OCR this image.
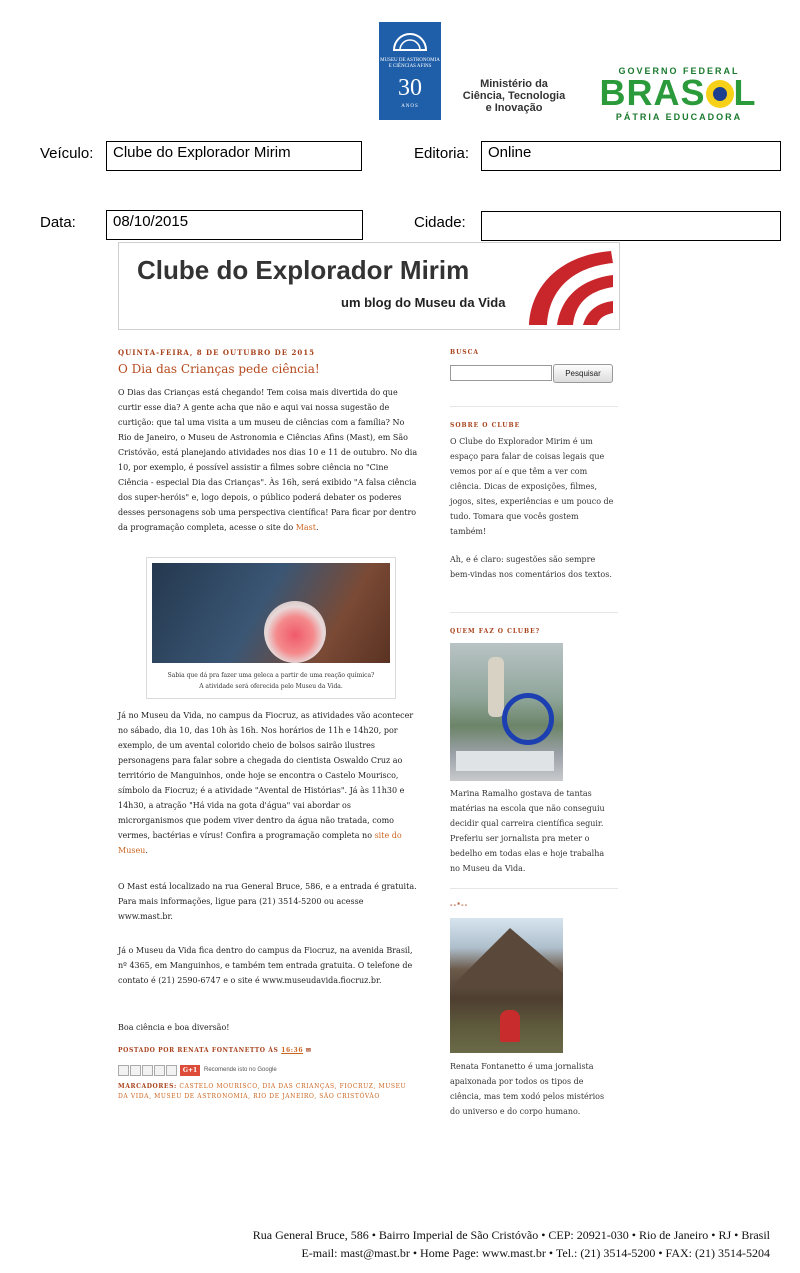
MUSEU DE ASTRONOMIA E CIÊNCIAS AFINS
30
ANOS
Ministério da
Ciência, Tecnologia
e Inovação
GOVERNO FEDERAL
BRAS L
PÁTRIA EDUCADORA
Veículo:	Clube do Explorador Mirim	Editoria:	Online
Data:	08/10/2015	Cidade:
Clube do Explorador Mirim
um blog do Museu da Vida
QUINTA-FEIRA, 8 DE OUTUBRO DE 2015
O Dia das Crianças pede ciência!
O Dias das Crianças está chegando! Tem coisa mais divertida do que curtir esse dia? A gente acha que não e aqui vai nossa sugestão de curtição: que tal uma visita a um museu de ciências com a família? No Rio de Janeiro, o Museu de Astronomia e Ciências Afins (Mast), em São Cristóvão, está planejando atividades nos dias 10 e 11 de outubro. No dia 10, por exemplo, é possível assistir a filmes sobre ciência no "Cine Ciência - especial Dia das Crianças". Às 16h, será exibido "A falsa ciência dos super-heróis" e, logo depois, o público poderá debater os poderes desses personagens sob uma perspectiva científica! Para ficar por dentro da programação completa, acesse o site do Mast.
Sabia que dá pra fazer uma geleca a partir de uma reação química?
A atividade será oferecida pelo Museu da Vida.
Já no Museu da Vida, no campus da Fiocruz, as atividades vão acontecer no sábado, dia 10, das 10h às 16h. Nos horários de 11h e 14h20, por exemplo, de um avental colorido cheio de bolsos sairão ilustres personagens para falar sobre a chegada do cientista Oswaldo Cruz ao território de Manguinhos, onde hoje se encontra o Castelo Mourisco, símbolo da Fiocruz; é a atividade "Avental de Histórias". Já às 11h30 e 14h30, a atração "Há vida na gota d'água" vai abordar os microrganismos que podem viver dentro da água não tratada, como vermes, bactérias e vírus! Confira a programação completa no site do Museu.
O Mast está localizado na rua General Bruce, 586, e a entrada é gratuita. Para mais informações, ligue para (21) 3514-5200 ou acesse www.mast.br.
Já o Museu da Vida fica dentro do campus da Fiocruz, na avenida Brasil, nº 4365, em Manguinhos, e também tem entrada gratuita. O telefone de contato é (21) 2590-6747 e o site é www.museudavida.fiocruz.br.
Boa ciência e boa diversão!
POSTADO POR RENATA FONTANETTO ÀS 16:36 ✉
G+1 Recomende isto no Google
MARCADORES: CASTELO MOURISCO, DIA DAS CRIANÇAS, FIOCRUZ, MUSEU DA VIDA, MUSEU DE ASTRONOMIA, RIO DE JANEIRO, SÃO CRISTÓVÃO
BUSCA
Pesquisar
SOBRE O CLUBE
O Clube do Explorador Mirim é um espaço para falar de coisas legais que vemos por aí e que têm a ver com ciência. Dicas de exposições, filmes, jogos, sites, experiências e um pouco de tudo. Tomara que vocês gostem também!
Ah, e é claro: sugestões são sempre bem-vindas nos comentários dos textos.
QUEM FAZ O CLUBE?
Marina Ramalho gostava de tantas matérias na escola que não conseguiu decidir qual carreira científica seguir. Preferiu ser jornalista pra meter o bedelho em todas elas e hoje trabalha no Museu da Vida.
--*--
Renata Fontanetto é uma jornalista apaixonada por todos os tipos de ciência, mas tem xodó pelos mistérios do universo e do corpo humano.
Rua General Bruce, 586 • Bairro Imperial de São Cristóvão • CEP: 20921-030 • Rio de Janeiro • RJ • Brasil
E-mail: mast@mast.br • Home Page: www.mast.br • Tel.: (21) 3514-5200 • FAX: (21) 3514-5204
